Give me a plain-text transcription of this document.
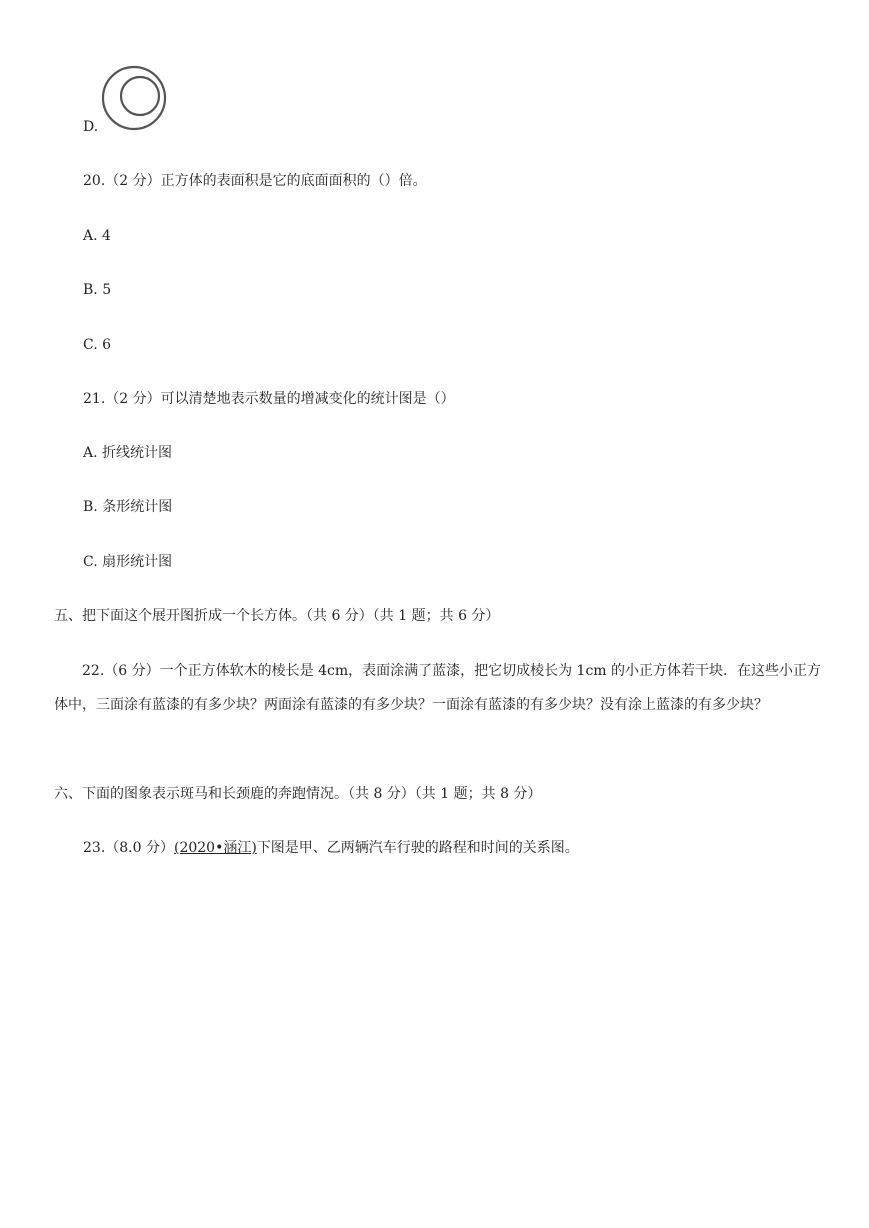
D.
20.（2 分）正方体的表面积是它的底面面积的（）倍。
A. 4
B. 5
C. 6
21.（2 分）可以清楚地表示数量的增减变化的统计图是（）
A. 折线统计图
B. 条形统计图
C. 扇形统计图
五、把下面这个展开图折成一个长方体。（共 6 分）（共 1 题；共 6 分）
22.（6 分）一个正方体软木的棱长是 4cm，表面涂满了蓝漆，把它切成棱长为 1cm 的小正方体若干块．在这些小正方体中，三面涂有蓝漆的有多少块？两面涂有蓝漆的有多少块？一面涂有蓝漆的有多少块？没有涂上蓝漆的有多少块？
六、下面的图象表示斑马和长颈鹿的奔跑情况。（共 8 分）（共 1 题；共 8 分）
23.（8.0 分）(2020•涵江)下图是甲、乙两辆汽车行驶的路程和时间的关系图。
